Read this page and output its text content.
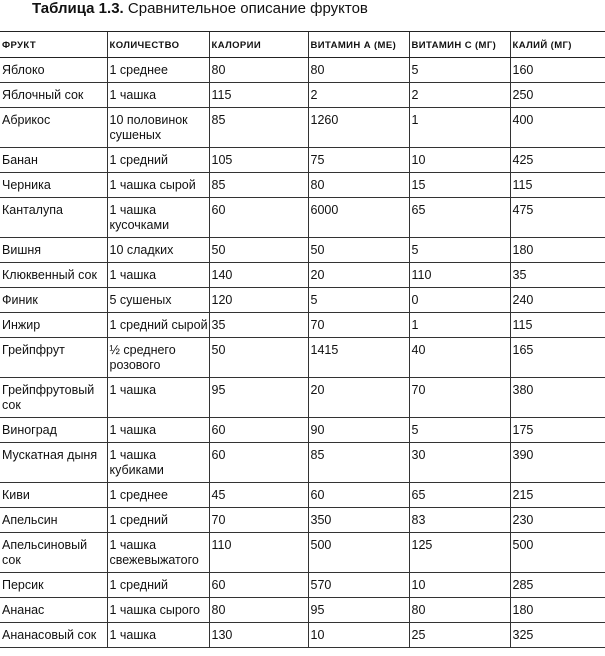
Таблица 1.3. Сравнительное описание фруктов
ФРУКТ	КОЛИЧЕСТВО	КАЛОРИИ	ВИТАМИН А (МЕ)	ВИТАМИН С (МГ)	КАЛИЙ (МГ)
Яблоко	1 среднее	80	80	5	160
Яблочный сок	1 чашка	115	2	2	250
Абрикос	10 половинок сушеных	85	1260	1	400
Банан	1 средний	105	75	10	425
Черника	1 чашка сырой	85	80	15	115
Канталупа	1 чашка кусочками	60	6000	65	475
Вишня	10 сладких	50	50	5	180
Клюквенный сок	1 чашка	140	20	110	35
Финик	5 сушеных	120	5	0	240
Инжир	1 средний сырой	35	70	1	115
Грейпфрут	½ среднего розового	50	1415	40	165
Грейпфрутовый сок	1 чашка	95	20	70	380
Виноград	1 чашка	60	90	5	175
Мускатная дыня	1 чашка кубиками	60	85	30	390
Киви	1 среднее	45	60	65	215
Апельсин	1 средний	70	350	83	230
Апельсиновый сок	1 чашка свежевыжатого	110	500	125	500
Персик	1 средний	60	570	10	285
Ананас	1 чашка сырого	80	95	80	180
Ананасовый сок	1 чашка	130	10	25	325
